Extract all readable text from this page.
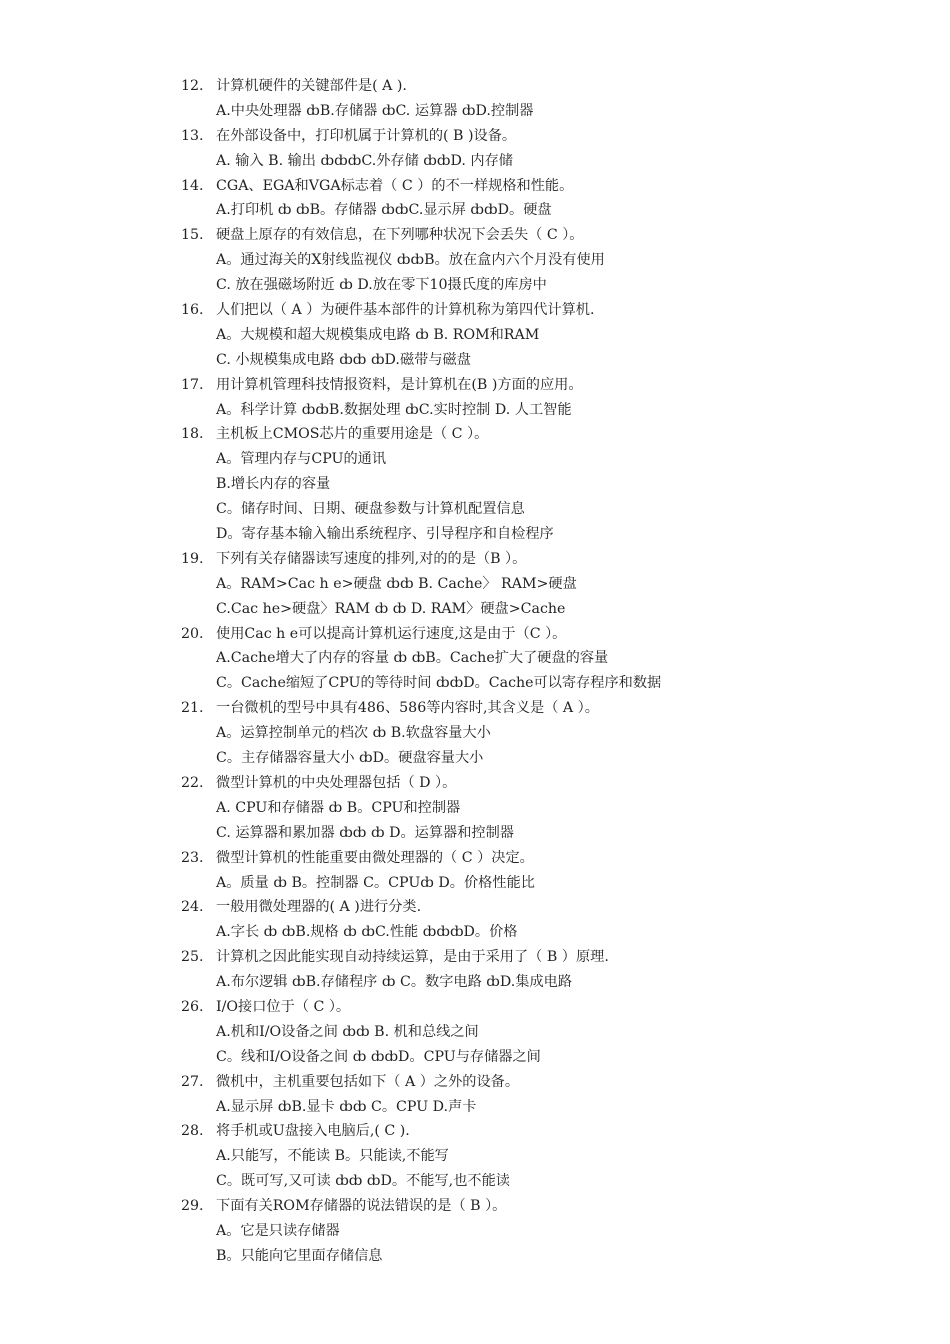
12. 计算机硬件的关键部件是( A ).
A.中央处理器 ȸB.存储器 ȸC. 运算器 ȸD.控制器
13. 在外部设备中，打印机属于计算机的( B )设备。
A. 输入 B. 输出 ȸȸȸC.外存储 ȸȸD. 内存储
14. CGA、EGA和VGA标志着（ C ）的不一样规格和性能。
A.打印机 ȸ ȸB。存储器 ȸȸC.显示屏 ȸȸD。硬盘
15. 硬盘上原存的有效信息，在下列哪种状况下会丢失（ C ）。
A。通过海关的X射线监视仪 ȸȸB。放在盒内六个月没有使用
C. 放在强磁场附近 ȸ D.放在零下10摄氏度的库房中
16. 人们把以（ A ）为硬件基本部件的计算机称为第四代计算机.
A。大规模和超大规模集成电路 ȸ B. ROM和RAM
C. 小规模集成电路 ȸȸ ȸD.磁带与磁盘
17. 用计算机管理科技情报资料，是计算机在(B )方面的应用。
A。科学计算 ȸȸB.数据处理 ȸC.实时控制 D. 人工智能
18. 主机板上CMOS芯片的重要用途是（ C ）。
A。管理内存与CPU的通讯
B.增长内存的容量
C。储存时间、日期、硬盘参数与计算机配置信息
D。寄存基本输入输出系统程序、引导程序和自检程序
19. 下列有关存储器读写速度的排列,对的的是（B ）。
A。RAM>Cac h e>硬盘 ȸȸ B. Cache〉 RAM>硬盘
C.Cac he>硬盘〉RAM ȸ ȸ D. RAM〉硬盘>Cache
20. 使用Cac h e可以提高计算机运行速度,这是由于（C ）。
A.Cache增大了内存的容量 ȸ ȸB。Cache扩大了硬盘的容量
C。Cache缩短了CPU的等待时间 ȸȸD。Cache可以寄存程序和数据
21. 一台微机的型号中具有486、586等内容时,其含义是（ A ）。
A。运算控制单元的档次 ȸ B.软盘容量大小
C。主存储器容量大小 ȸD。硬盘容量大小
22. 微型计算机的中央处理器包括（ D ）。
A. CPU和存储器 ȸ B。CPU和控制器
C. 运算器和累加器 ȸȸ ȸ D。运算器和控制器
23. 微型计算机的性能重要由微处理器的（ C ）决定。
A。质量 ȸ B。控制器 C。CPUȸ D。价格性能比
24. 一般用微处理器的( A )进行分类.
A.字长 ȸ ȸB.规格 ȸ ȸC.性能 ȸȸȸD。价格
25. 计算机之因此能实现自动持续运算，是由于采用了（ B ）原理.
A.布尔逻辑 ȸB.存储程序 ȸ C。数字电路 ȸD.集成电路
26. I/O接口位于（ C ）。
A.机和I/O设备之间 ȸȸ B. 机和总线之间
C。线和I/O设备之间 ȸ ȸȸD。CPU与存储器之间
27. 微机中，主机重要包括如下（ A ）之外的设备。
A.显示屏 ȸB.显卡 ȸȸ C。CPU D.声卡
28. 将手机或U盘接入电脑后,( C ).
A.只能写，不能读 B。只能读,不能写
C。既可写,又可读 ȸȸ ȸD。不能写,也不能读
29. 下面有关ROM存储器的说法错误的是（ B ）。
A。它是只读存储器
B。只能向它里面存储信息
